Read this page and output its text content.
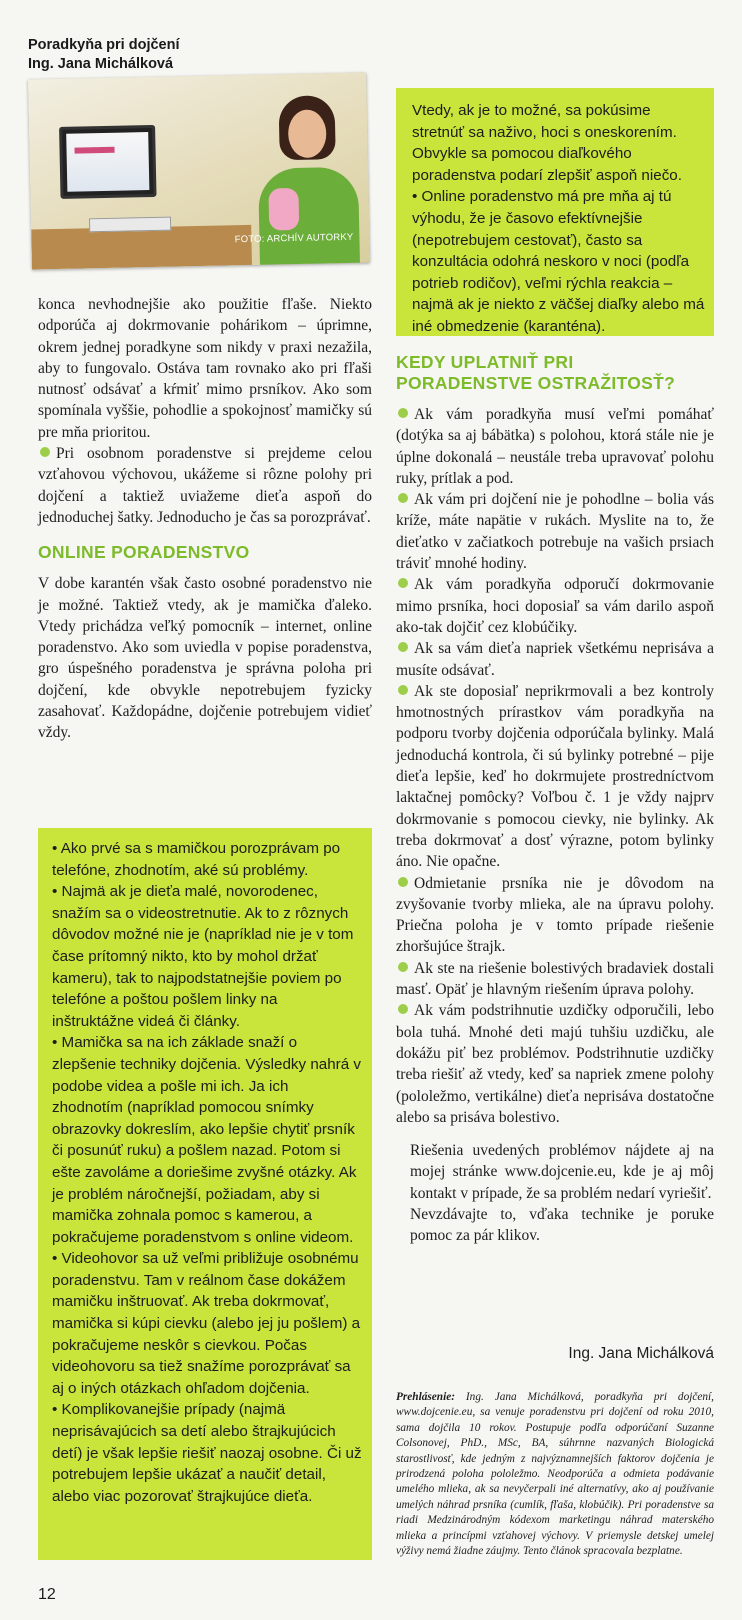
Poradkyňa pri dojčení
Ing. Jana Michálková
FOTO: ARCHÍV AUTORKY

konca nevhodnejšie ako použitie fľaše. Niekto odporúča aj dokrmovanie pohárikom – úprimne, okrem jednej poradkyne som nikdy v praxi nezažila, aby to fungovalo. Ostáva tam rovnako ako pri fľaši nutnosť odsávať a kŕmiť mimo prsníkov. Ako som spomínala vyššie, pohodlie a spokojnosť mamičky sú pre mňa prioritou.

Pri osobnom poradenstve si prejdeme celou vzťahovou výchovou, ukážeme si rôzne polohy pri dojčení a taktiež uviažeme dieťa aspoň do jednoduchej šatky. Jednoducho je čas sa porozprávať.

ONLINE PORADENSTVO

V dobe karantén však často osobné poradenstvo nie je možné. Taktiež vtedy, ak je mamička ďaleko. Vtedy prichádza veľký pomocník – internet, online poradenstvo. Ako som uviedla v popise poradenstva, gro úspešného poradenstva je správna poloha pri dojčení, kde obvykle nepotrebujem fyzicky zasahovať. Každopádne, dojčenie potrebujem vidieť vždy.

• Ako prvé sa s mamičkou porozprávam po telefóne, zhodnotím, aké sú problémy.

• Najmä ak je dieťa malé, novorodenec, snažím sa o videostretnutie. Ak to z rôznych dôvodov možné nie je (napríklad nie je v tom čase prítomný nikto, kto by mohol držať kameru), tak to najpodstatnejšie poviem po telefóne a poštou pošlem linky na inštruktážne videá či články.

• Mamička sa na ich základe snaží o zlepšenie techniky dojčenia. Výsledky nahrá v podobe videa a pošle mi ich. Ja ich zhodnotím (napríklad pomocou snímky obrazovky dokreslím, ako lepšie chytiť prsník či posunúť ruku) a pošlem nazad. Potom si ešte zavoláme a doriešime zvyšné otázky. Ak je problém náročnejší, požiadam, aby si mamička zohnala pomoc s kamerou, a pokračujeme poradenstvom s online videom.

• Videohovor sa už veľmi približuje osobnému poradenstvu. Tam v reálnom čase dokážem mamičku inštruovať. Ak treba dokrmovať, mamička si kúpi cievku (alebo jej ju pošlem) a pokračujeme neskôr s cievkou. Počas videohovoru sa tiež snažíme porozprávať sa aj o iných otázkach ohľadom dojčenia.

• Komplikovanejšie prípady (najmä neprisávajúcich sa detí alebo štrajkujúcich detí) je však lepšie riešiť naozaj osobne. Či už potrebujem lepšie ukázať a naučiť detail, alebo viac pozorovať štrajkujúce dieťa.

Vtedy, ak je to možné, sa pokúsime stretnúť sa naživo, hoci s oneskorením. Obvykle sa pomocou diaľkového poradenstva podarí zlepšiť aspoň niečo.

• Online poradenstvo má pre mňa aj tú výhodu, že je časovo efektívnejšie (nepotrebujem cestovať), často sa konzultácia odohrá neskoro v noci (podľa potrieb rodičov), veľmi rýchla reakcia – najmä ak je niekto z väčšej diaľky alebo má iné obmedzenie (karanténa).

KEDY UPLATNIŤ PRI PORADENSTVE OSTRAŽITOSŤ?

Ak vám poradkyňa musí veľmi pomáhať (dotýka sa aj bábätka) s polohou, ktorá stále nie je úplne dokonalá – neustále treba upravovať polohu ruky, prítlak a pod.

Ak vám pri dojčení nie je pohodlne – bolia vás kríže, máte napätie v rukách. Myslite na to, že dieťatko v začiatkoch potrebuje na vašich prsiach tráviť mnohé hodiny.

Ak vám poradkyňa odporučí dokrmovanie mimo prsníka, hoci doposiaľ sa vám darilo aspoň ako-tak dojčiť cez klobúčiky.

Ak sa vám dieťa napriek všetkému neprisáva a musíte odsávať.

Ak ste doposiaľ neprikrmovali a bez kontroly hmotnostných prírastkov vám poradkyňa na podporu tvorby dojčenia odporúčala bylinky. Malá jednoduchá kontrola, či sú bylinky potrebné – pije dieťa lepšie, keď ho dokrmujete prostredníctvom laktačnej pomôcky? Voľbou č. 1 je vždy najprv dokrmovanie s pomocou cievky, nie bylinky. Ak treba dokrmovať a dosť výrazne, potom bylinky áno. Nie opačne.

Odmietanie prsníka nie je dôvodom na zvyšovanie tvorby mlieka, ale na úpravu polohy. Priečna poloha je v tomto prípade riešenie zhoršujúce štrajk.

Ak ste na riešenie bolestivých bradaviek dostali masť. Opäť je hlavným riešením úprava polohy.

Ak vám podstrihnutie uzdičky odporučili, lebo bola tuhá. Mnohé deti majú tuhšiu uzdičku, ale dokážu piť bez problémov. Podstrihnutie uzdičky treba riešiť až vtedy, keď sa napriek zmene polohy (pololežmo, vertikálne) dieťa neprisáva dostatočne alebo sa prisáva bolestivo.

Riešenia uvedených problémov nájdete aj na mojej stránke www.dojcenie.eu, kde je aj môj kontakt v prípade, že sa problém nedarí vyriešiť.

Nevzdávajte to, vďaka technike je poruke pomoc za pár klikov.

Ing. Jana Michálková
Prehlásenie: Ing. Jana Michálková, poradkyňa pri dojčení, www.dojcenie.eu, sa venuje poradenstvu pri dojčení od roku 2010, sama dojčila 10 rokov. Postupuje podľa odporúčaní Suzanne Colsonovej, PhD., MSc, BA, súhrnne nazvaných Biologická starostlivosť, kde jedným z najvýznamnejších faktorov dojčenia je prirodzená poloha pololežmo. Neodporúča a odmieta podávanie umelého mlieka, ak sa nevyčerpali iné alternatívy, ako aj používanie umelých náhrad prsníka (cumlík, fľaša, klobúčik). Pri poradenstve sa riadi Medzinárodným kódexom marketingu náhrad materského mlieka a princípmi vzťahovej výchovy. V priemysle detskej umelej výživy nemá žiadne záujmy. Tento článok spracovala bezplatne.
12
